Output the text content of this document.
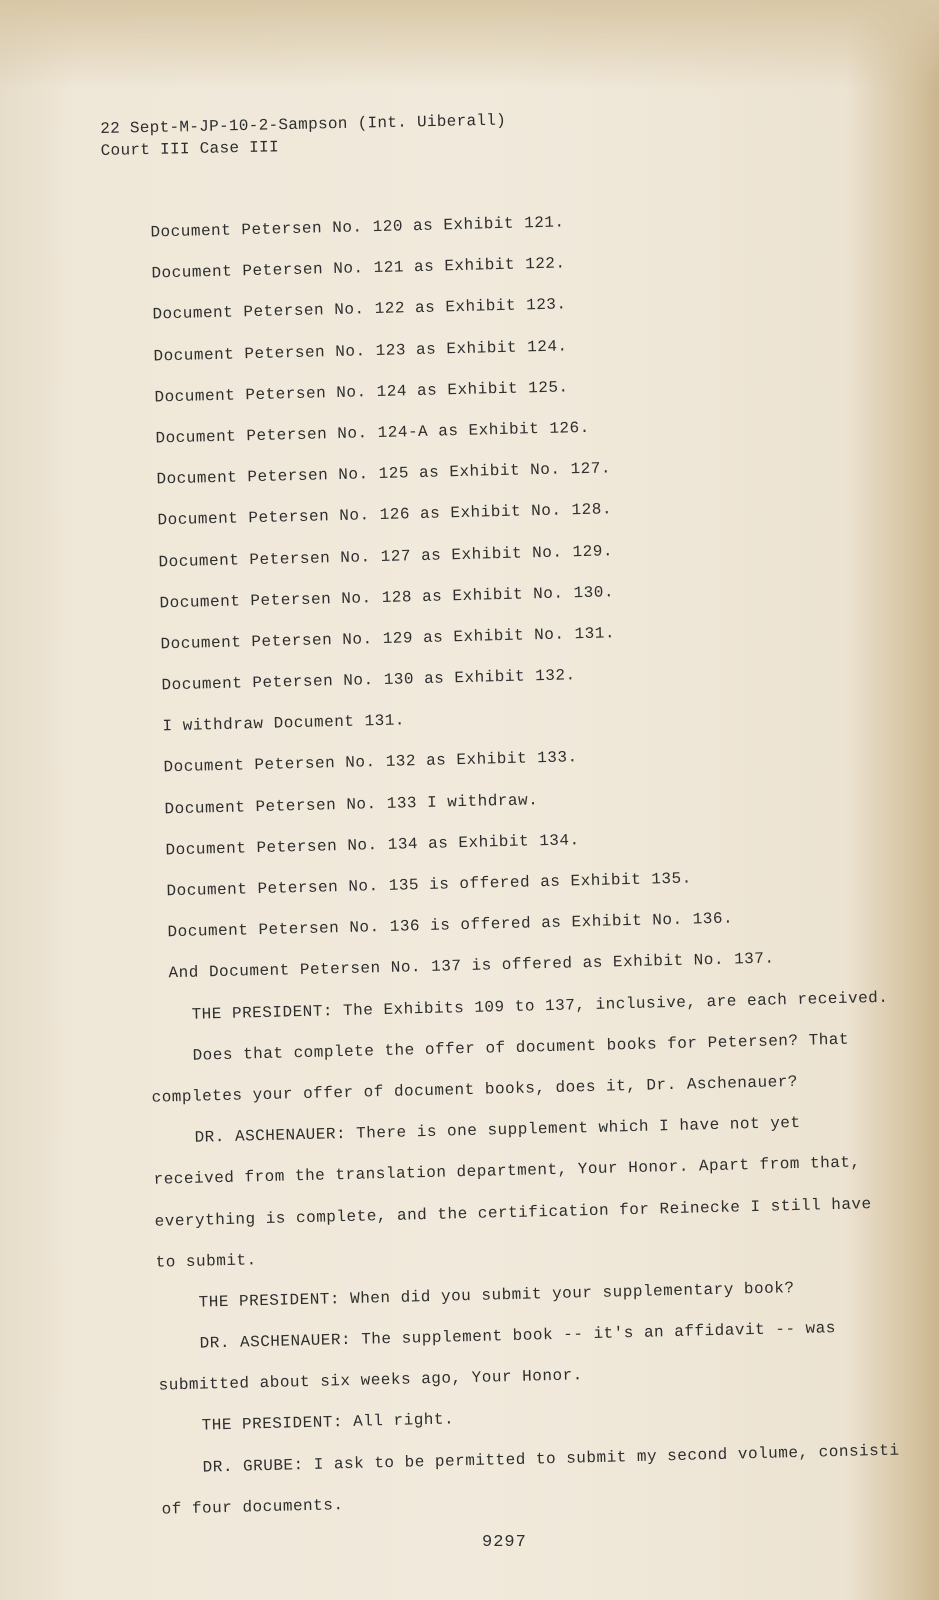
22 Sept-M-JP-10-2-Sampson (Int. Uiberall)
Court III Case III
Document Petersen No. 120 as Exhibit 121.
Document Petersen No. 121 as Exhibit 122.
Document Petersen No. 122 as Exhibit 123.
Document Petersen No. 123 as Exhibit 124.
Document Petersen No. 124 as Exhibit 125.
Document Petersen No. 124-A as Exhibit 126.
Document Petersen No. 125 as Exhibit No. 127.
Document Petersen No. 126 as Exhibit No. 128.
Document Petersen No. 127 as Exhibit No. 129.
Document Petersen No. 128 as Exhibit No. 130.
Document Petersen No. 129 as Exhibit No. 131.
Document Petersen No. 130 as Exhibit 132.
I withdraw Document 131.
Document Petersen No. 132 as Exhibit 133.
Document Petersen No. 133 I withdraw.
Document Petersen No. 134 as Exhibit 134.
Document Petersen No. 135 is offered as Exhibit 135.
Document Petersen No. 136 is offered as Exhibit No. 136.
And Document Petersen No. 137 is offered as Exhibit No. 137.
THE PRESIDENT: The Exhibits 109 to 137, inclusive, are each received.
Does that complete the offer of document books for Petersen? That
completes your offer of document books, does it, Dr. Aschenauer?
DR. ASCHENAUER: There is one supplement which I have not yet
received from the translation department, Your Honor. Apart from that,
everything is complete, and the certification for Reinecke I still have
to submit.
THE PRESIDENT: When did you submit your supplementary book?
DR. ASCHENAUER: The supplement book -- it's an affidavit -- was
submitted about six weeks ago, Your Honor.
THE PRESIDENT: All right.
DR. GRUBE: I ask to be permitted to submit my second volume, consisti
of four documents.
9297
